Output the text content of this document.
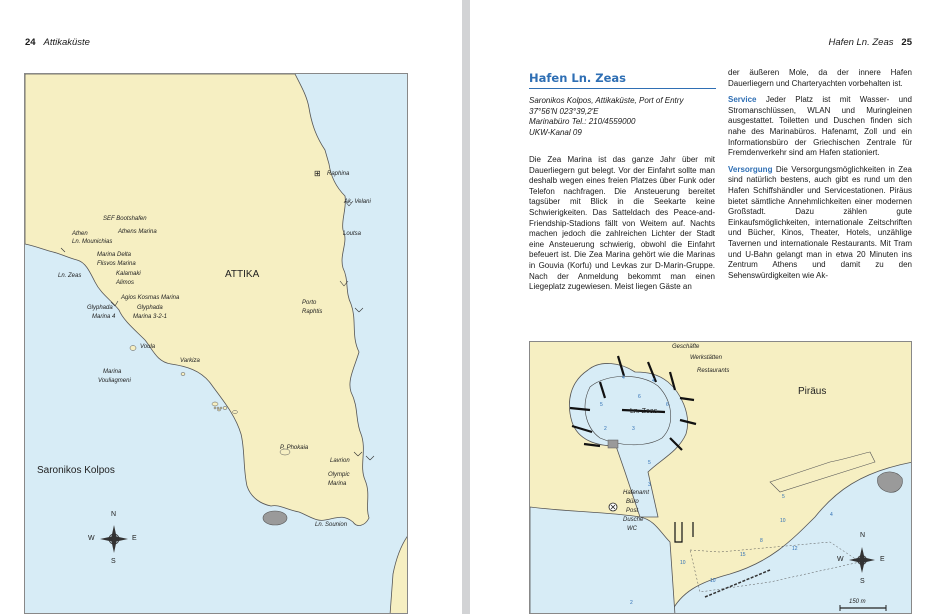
24 Attikaküste
Raphina
⊞
Ak. Velani
Loutsa
SEF Bootshafen
Athen	Athens Marina
Ln. Mounichias
Marina Delta
Flisvos Marina
Ln. Zeas	Kalamaki
Alimos
ATTIKA
Agios Kosmas Marina
Glyphada	Glyphada
Marina 4	Marina 3-2-1
Porto
Raphtis
Voula
Varkiza
Marina
Vouliagmeni
P. Phokaia
Lavrion
Olympic
Marina
Ln. Sounion
Saronikos Kolpos
N
S
E
W
Hafen Ln. Zeas 25
Hafen Ln. Zeas
Saronikos Kolpos, Attikaküste, Port of Entry
37°56'N 023°39,2'E
Marinabüro Tel.: 210/4559000
UKW-Kanal 09

Die Zea Marina ist das ganze Jahr über mit Dauerliegern gut belegt. Vor der Einfahrt sollte man deshalb wegen eines freien Platzes über Funk oder Telefon nachfragen. Die Ansteuerung bereitet tagsüber mit Blick in die Seekarte keine Schwierigkeiten. Das Satteldach des Peace-and-Friendship-Stadions fällt von Weitem auf. Nachts machen jedoch die zahlreichen Lichter der Stadt eine Ansteuerung schwierig, obwohl die Einfahrt befeuert ist. Die Zea Marina gehört wie die Marinas in Gouvia (Korfu) und Levkas zur D-Marin-Gruppe. Nach der Anmeldung bekommt man einen Liegeplatz zugewiesen. Meist liegen Gäste an

der äußeren Mole, da der innere Hafen Dauerliegern und Charteryachten vorbehalten ist.

Service Jeder Platz ist mit Wasser- und Stromanschlüssen, WLAN und Muringleinen ausgestattet. Toiletten und Duschen finden sich nahe des Marinabüros. Hafenamt, Zoll und ein Informationsbüro der Griechischen Zentrale für Fremdenverkehr sind am Hafen stationiert.

Versorgung Die Versorgungsmöglichkeiten in Zea sind natürlich bestens, auch gibt es rund um den Hafen Schiffshändler und Servicestationen. Piräus bietet sämtliche Annehmlichkeiten einer modernen Großstadt. Dazu zählen gute Einkaufsmöglichkeiten, internationale Zeitschriften und Bücher, Kinos, Theater, Hotels, unzählige Tavernen und internationale Restaurants. Mit Tram und U-Bahn gelangt man in etwa 20 Minuten ins Zentrum Athens und damit zu den Sehenswürdigkeiten wie Ak-

Geschäfte
Werkstätten
Restaurants
Piräus
Ln. Zeas
Hafenamt
Büro
Post
Dusche
WC
150 m
4
6
4
5	6
2	3
5
3
8
10
12
15
10
5
2
10
4
N
S
E
W
